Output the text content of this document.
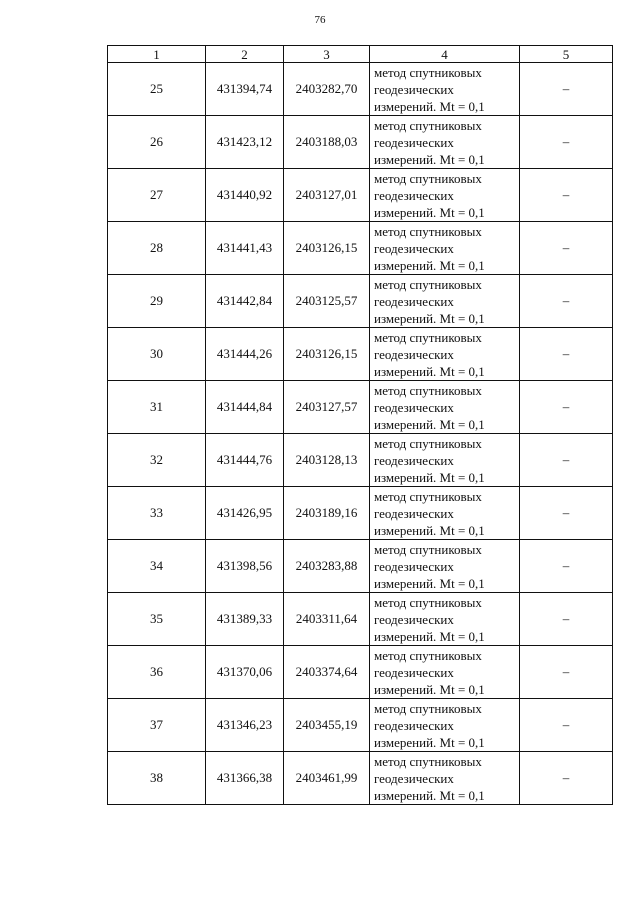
76
1	2	3	4	5
25	431394,74	2403282,70	метод спутниковых
геодезических
измерений. Mt = 0,1	–
26	431423,12	2403188,03	метод спутниковых
геодезических
измерений. Mt = 0,1	–
27	431440,92	2403127,01	метод спутниковых
геодезических
измерений. Mt = 0,1	–
28	431441,43	2403126,15	метод спутниковых
геодезических
измерений. Mt = 0,1	–
29	431442,84	2403125,57	метод спутниковых
геодезических
измерений. Mt = 0,1	–
30	431444,26	2403126,15	метод спутниковых
геодезических
измерений. Mt = 0,1	–
31	431444,84	2403127,57	метод спутниковых
геодезических
измерений. Mt = 0,1	–
32	431444,76	2403128,13	метод спутниковых
геодезических
измерений. Mt = 0,1	–
33	431426,95	2403189,16	метод спутниковых
геодезических
измерений. Mt = 0,1	–
34	431398,56	2403283,88	метод спутниковых
геодезических
измерений. Mt = 0,1	–
35	431389,33	2403311,64	метод спутниковых
геодезических
измерений. Mt = 0,1	–
36	431370,06	2403374,64	метод спутниковых
геодезических
измерений. Mt = 0,1	–
37	431346,23	2403455,19	метод спутниковых
геодезических
измерений. Mt = 0,1	–
38	431366,38	2403461,99	метод спутниковых
геодезических
измерений. Mt = 0,1	–
